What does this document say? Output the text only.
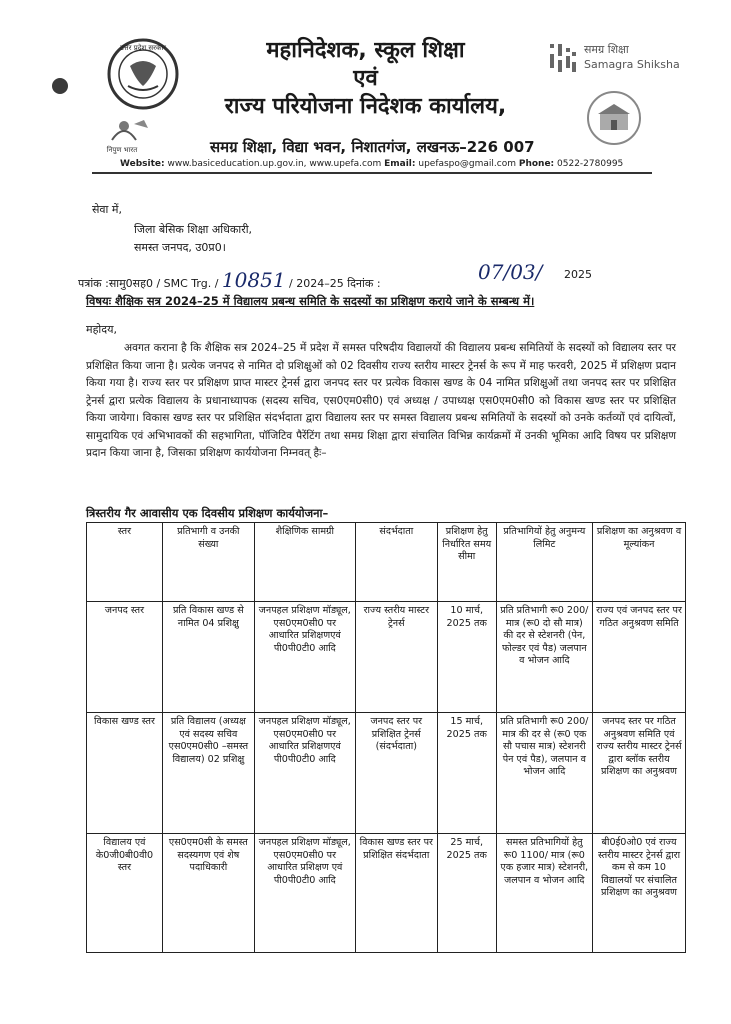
उत्तर प्रदेश सरकार
निपुण भारत
समग्र शिक्षा
Samagra Shiksha
महानिदेशक, स्कूल शिक्षा
एवं
राज्य परियोजना निदेशक कार्यालय,
समग्र शिक्षा, विद्या भवन, निशातगंज, लखनऊ–226 007
Website: www.basiceducation.up.gov.in, www.upefa.com Email: upefaspo@gmail.com Phone: 0522-2780995
सेवा में,
जिला बेसिक शिक्षा अधिकारी,
समस्त जनपद, उ0प्र0।
पत्रांक :सामु0सह0 / SMC Trg. / 10851 / 2024–25 दिनांक :	07/03/ 2025
विषयः शैक्षिक सत्र 2024–25 में विद्यालय प्रबन्ध समिति के सदस्यों का प्रशिक्षण कराये जाने के सम्बन्ध में।
महोदय,
अवगत कराना है कि शैक्षिक सत्र 2024–25 में प्रदेश में समस्त परिषदीय विद्यालयों की विद्यालय प्रबन्ध समितियों के सदस्यों को विद्यालय स्तर पर प्रशिक्षित किया जाना है। प्रत्येक जनपद से नामित दो प्रशिक्षुओं को 02 दिवसीय राज्य स्तरीय मास्टर ट्रेनर्स के रूप में माह फरवरी, 2025 में प्रशिक्षण प्रदान किया गया है। राज्य स्तर पर प्रशिक्षण प्राप्त मास्टर ट्रेनर्स द्वारा जनपद स्तर पर प्रत्येक विकास खण्ड के 04 नामित प्रशिक्षुओं तथा जनपद स्तर पर प्रशिक्षित ट्रेनर्स द्वारा प्रत्येक विद्यालय के प्रधानाध्यापक (सदस्य सचिव, एस0एम0सी0) एवं अध्यक्ष / उपाध्यक्ष एस0एम0सी0 को विकास खण्ड स्तर पर प्रशिक्षित किया जायेगा। विकास खण्ड स्तर पर प्रशिक्षित संदर्भदाता द्वारा विद्यालय स्तर पर समस्त विद्यालय प्रबन्ध समितियों के सदस्यों को उनके कर्तव्यों एवं दायित्वों, सामुदायिक एवं अभिभावकों की सहभागिता, पॉजिटिव पैरेंटिंग तथा समग्र शिक्षा द्वारा संचालित विभिन्न कार्यक्रमों में उनकी भूमिका आदि विषय पर प्रशिक्षण प्रदान किया जाना है, जिसका प्रशिक्षण कार्ययोजना निम्नवत् हैः–
त्रिस्तरीय गैर आवासीय एक दिवसीय प्रशिक्षण कार्ययोजना–
स्तर	प्रतिभागी व उनकी संख्या	शैक्षिणिक सामग्री	संदर्भदाता	प्रशिक्षण हेतु निर्धारित समय सीमा	प्रतिभागियों हेतु अनुमन्य लिमिट	प्रशिक्षण का अनुश्रवण व मूल्यांकन
जनपद स्तर	प्रति विकास खण्ड से नामित 04 प्रशिक्षु	जनपहल प्रशिक्षण मॉड्यूल, एस0एम0सी0 पर आधारित प्रशिक्षणएवं पी0पी0टी0 आदि	राज्य स्तरीय मास्टर ट्रेनर्स	10 मार्च, 2025 तक	प्रति प्रतिभागी रू0 200/ मात्र (रू0 दो सौ मात्र) की दर से स्टेशनरी (पेन, फोल्डर एवं पैड) जलपान व भोजन आदि	राज्य एवं जनपद स्तर पर गठित अनुश्रवण समिति
विकास खण्ड स्तर	प्रति विद्यालय (अध्यक्ष एवं सदस्य सचिव एस0एम0सी0 –समस्त विद्यालय) 02 प्रशिक्षु	जनपहल प्रशिक्षण मॉड्यूल, एस0एम0सी0 पर आधारित प्रशिक्षणएवं पी0पी0टी0 आदि	जनपद स्तर पर प्रशिक्षित ट्रेनर्स (संदर्भदाता)	15 मार्च, 2025 तक	प्रति प्रतिभागी रू0 200/ मात्र की दर से (रू0 एक सौ पचास मात्र) स्टेशनरी पेन एवं पैड), जलपान व भोजन आदि	जनपद स्तर पर गठित अनुश्रवण समिति एवं राज्य स्तरीय मास्टर ट्रेनर्स द्वारा ब्लॉक स्तरीय प्रशिक्षण का अनुश्रवण
विद्यालय एवं के0जी0बी0वी0 स्तर	एस0एम0सी के समस्त सदस्यगण एवं शेष पदाधिकारी	जनपहल प्रशिक्षण मॉड्यूल, एस0एम0सी0 पर आधारित प्रशिक्षण एवं पी0पी0टी0 आदि	विकास खण्ड स्तर पर प्रशिक्षित संदर्भदाता	25 मार्च, 2025 तक	समस्त प्रतिभागियों हेतु रू0 1100/ मात्र (रू0 एक हजार मात्र) स्टेशनरी, जलपान व भोजन आदि	बी0ई0ओ0 एवं राज्य स्तरीय मास्टर ट्रेनर्स द्वारा कम से कम 10 विद्यालयों पर संचालित प्रशिक्षण का अनुश्रवण
